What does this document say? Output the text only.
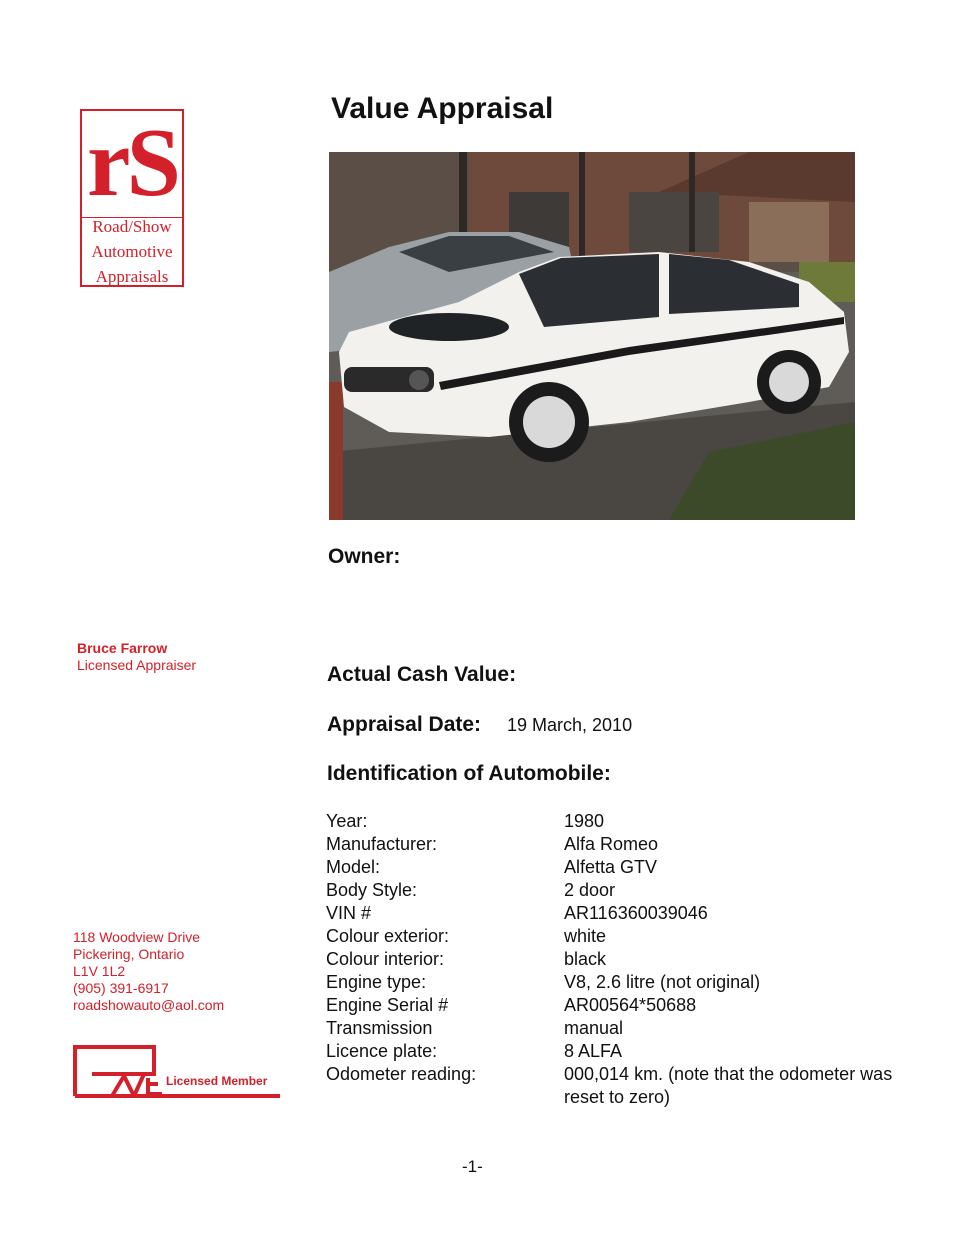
rS
Road/Show
Automotive
Appraisals
Value Appraisal
Owner:
Actual Cash Value:
Appraisal Date: 19 March, 2010
Identification of Automobile:
Bruce Farrow
Licensed Appraiser
118 Woodview Drive
Pickering, Ontario
L1V 1L2
(905) 391-6917
roadshowauto@aol.com
Licensed Member
Year:	1980
Manufacturer:	Alfa Romeo
Model:	Alfetta GTV
Body Style:	2 door
VIN #	AR116360039046
Colour exterior:	white
Colour interior:	black
Engine type:	V8, 2.6 litre (not original)
Engine Serial #	AR00564*50688
Transmission	manual
Licence plate:	8 ALFA
Odometer reading:	000,014 km. (note that the odometer was reset to zero)
-1-
